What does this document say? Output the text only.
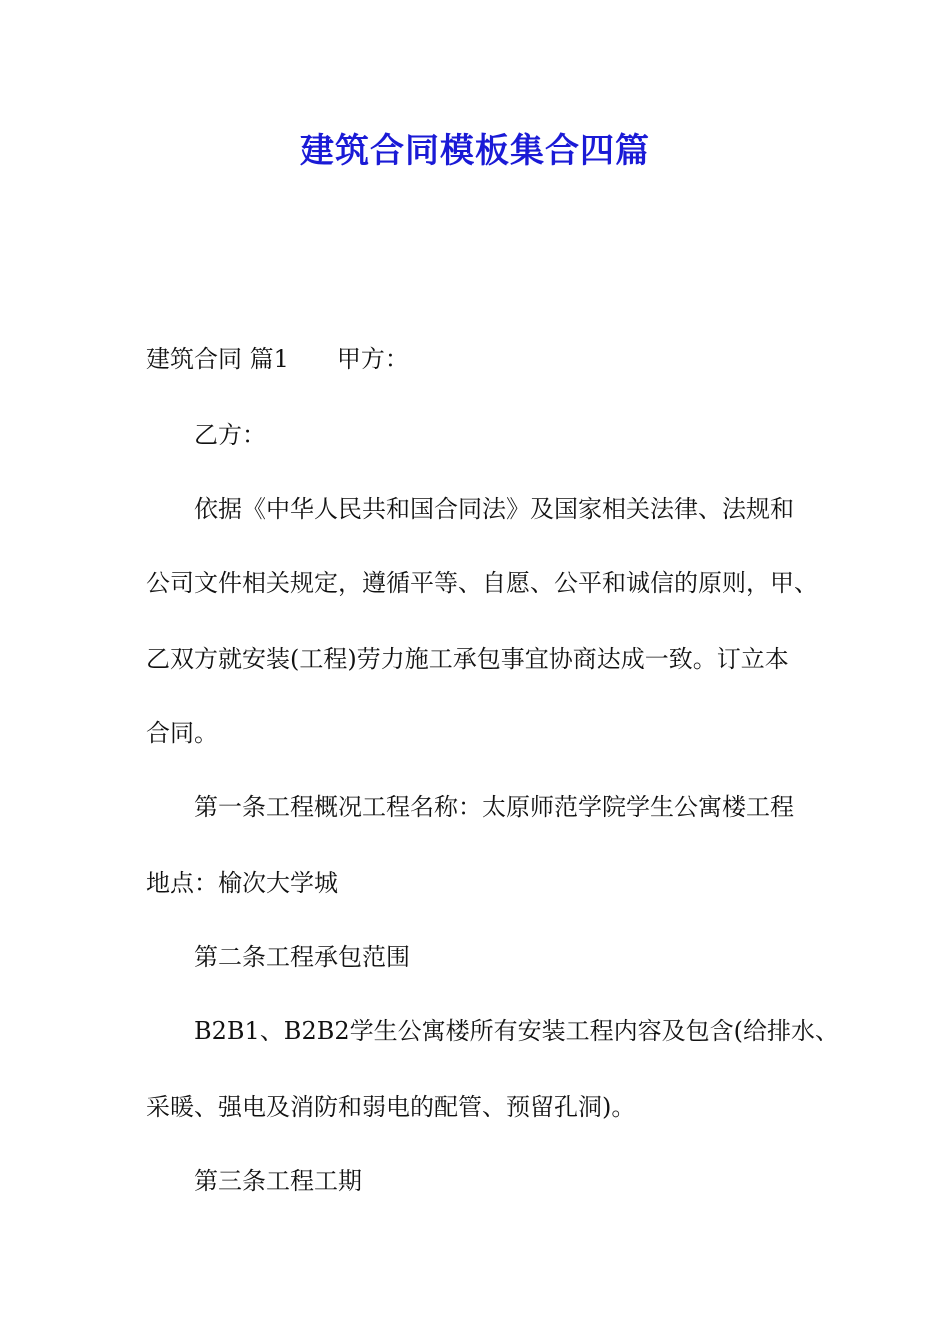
建筑合同模板集合四篇

建筑合同 篇1 甲方：

乙方：

依据《中华人民共和国合同法》及国家相关法律、法规和

公司文件相关规定，遵循平等、自愿、公平和诚信的原则，甲、

乙双方就安装(工程)劳力施工承包事宜协商达成一致。订立本

合同。

第一条工程概况工程名称：太原师范学院学生公寓楼工程

地点：榆次大学城

第二条工程承包范围

B2B1、B2B2学生公寓楼所有安装工程内容及包含(给排水、

采暖、强电及消防和弱电的配管、预留孔洞)。

第三条工程工期
